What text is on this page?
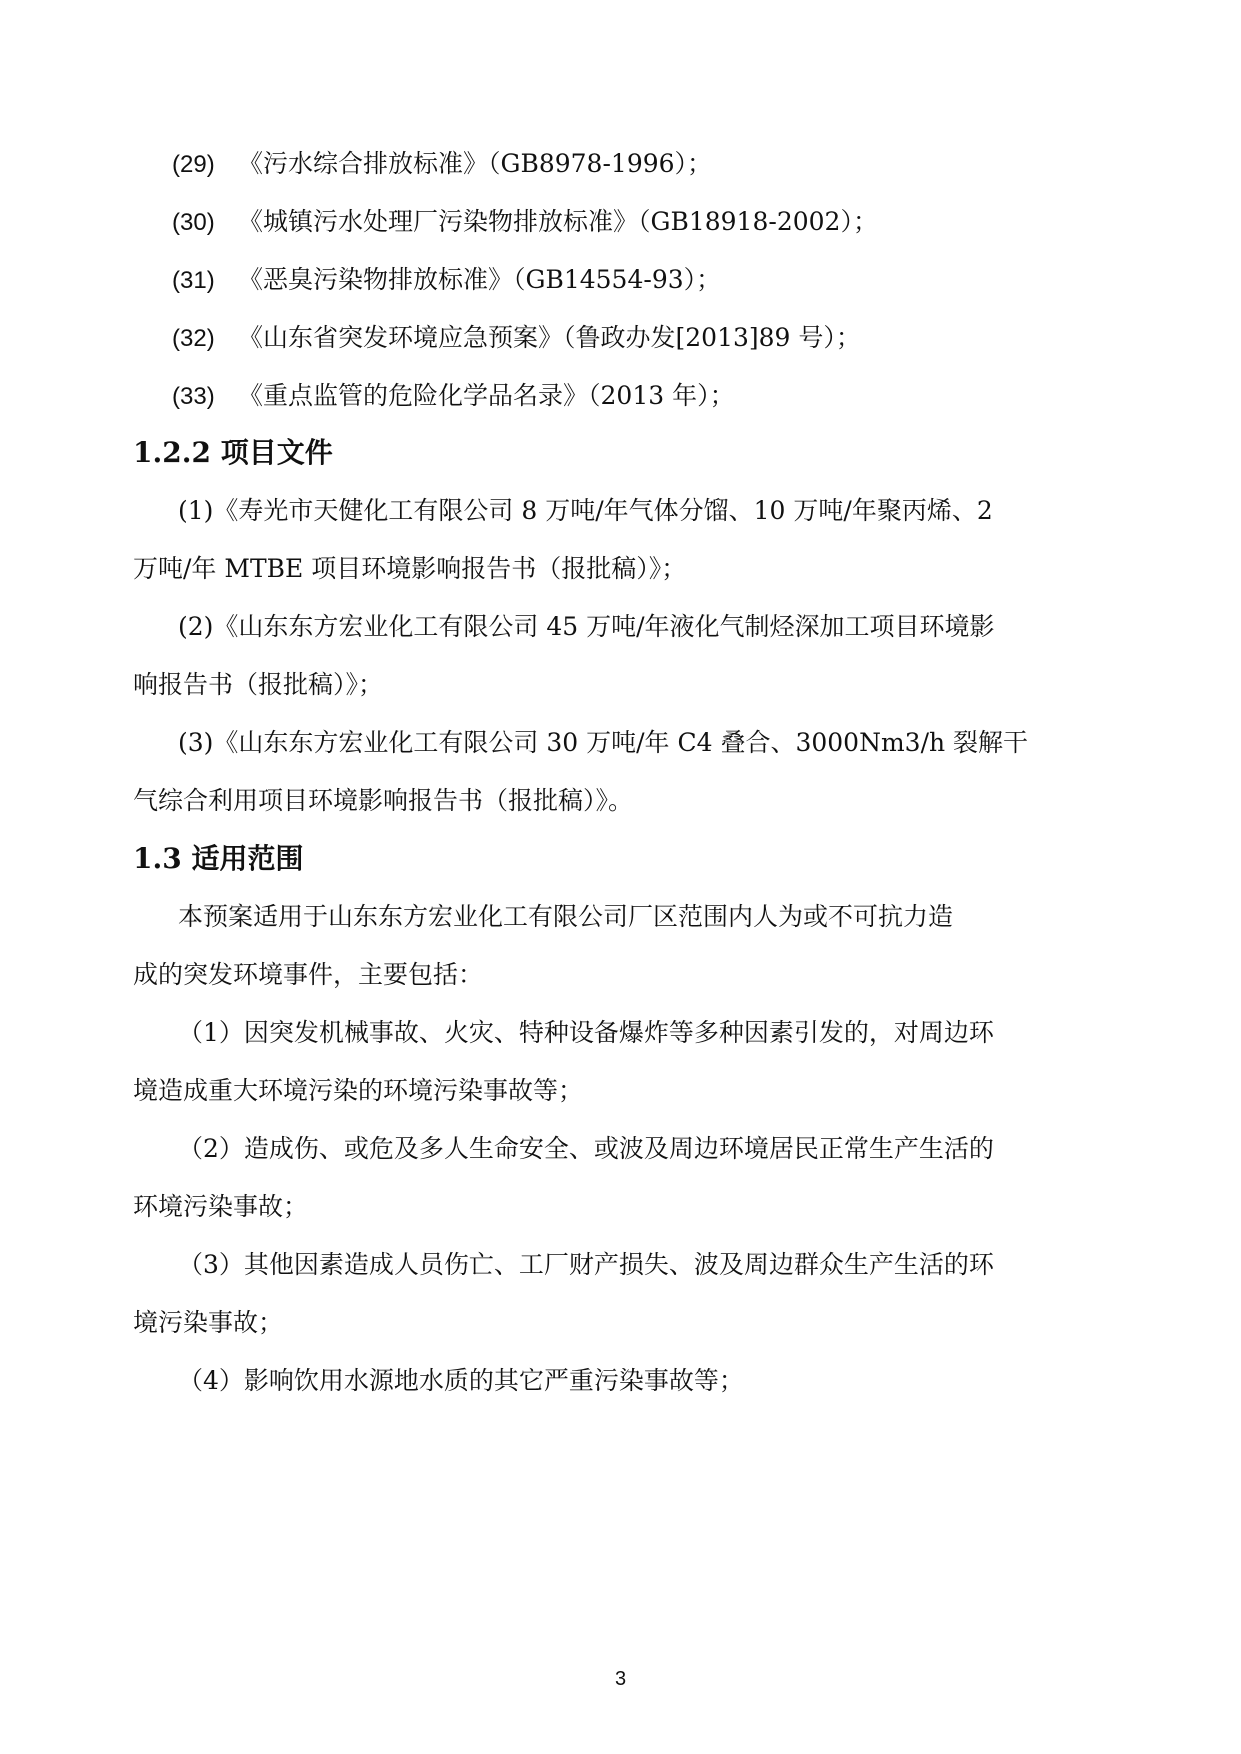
(29) 《污水综合排放标准》（GB8978-1996）；
(30) 《城镇污水处理厂污染物排放标准》（GB18918-2002）；
(31) 《恶臭污染物排放标准》（GB14554-93）；
(32) 《山东省突发环境应急预案》（鲁政办发[2013]89 号）；
(33) 《重点监管的危险化学品名录》（2013 年）；
1.2.2 项目文件
(1)《寿光市天健化工有限公司 8 万吨/年气体分馏、10 万吨/年聚丙烯、2
万吨/年 MTBE 项目环境影响报告书（报批稿）》；
(2)《山东东方宏业化工有限公司 45 万吨/年液化气制烃深加工项目环境影
响报告书（报批稿）》；
(3)《山东东方宏业化工有限公司 30 万吨/年 C4 叠合、3000Nm3/h 裂解干
气综合利用项目环境影响报告书（报批稿）》。
1.3 适用范围
本预案适用于山东东方宏业化工有限公司厂区范围内人为或不可抗力造
成的突发环境事件，主要包括：
（1）因突发机械事故、火灾、特种设备爆炸等多种因素引发的，对周边环
境造成重大环境污染的环境污染事故等；
（2）造成伤、或危及多人生命安全、或波及周边环境居民正常生产生活的
环境污染事故；
（3）其他因素造成人员伤亡、工厂财产损失、波及周边群众生产生活的环
境污染事故；
（4）影响饮用水源地水质的其它严重污染事故等；
3
